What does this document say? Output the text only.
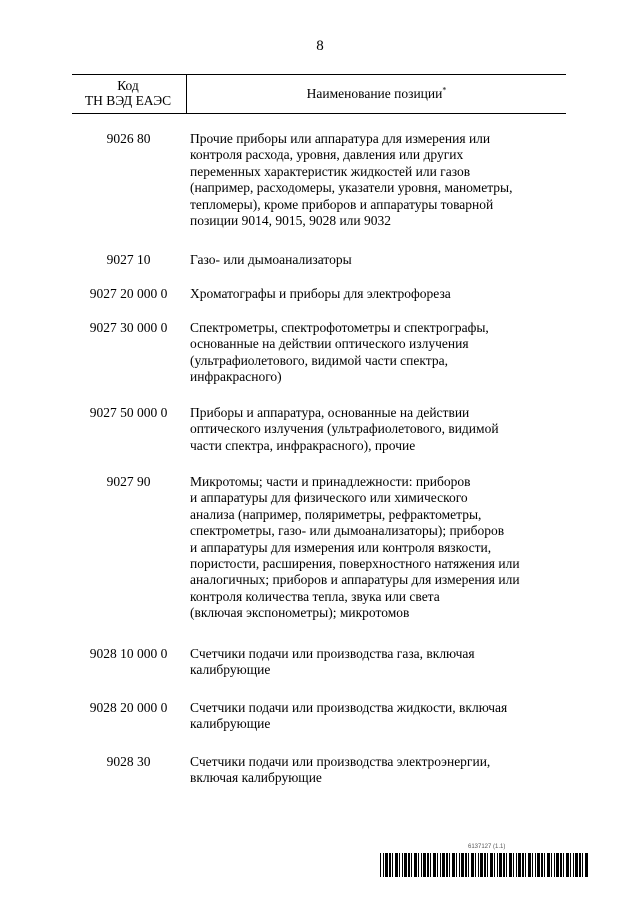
8
Код
ТН ВЭД ЕАЭС	Наименование позиции*
9026 80	Прочие приборы или аппаратура для измерения или
контроля расхода, уровня, давления или других
переменных характеристик жидкостей или газов
(например, расходомеры, указатели уровня, манометры,
тепломеры), кроме приборов и аппаратуры товарной
позиции 9014, 9015, 9028 или 9032
9027 10	Газо- или дымоанализаторы
9027 20 000 0	Хроматографы и приборы для электрофореза
9027 30 000 0	Спектрометры, спектрофотометры и спектрографы,
основанные на действии оптического излучения
(ультрафиолетового, видимой части спектра,
инфракрасного)
9027 50 000 0	Приборы и аппаратура, основанные на действии
оптического излучения (ультрафиолетового, видимой
части спектра, инфракрасного), прочие
9027 90	Микротомы; части и принадлежности: приборов
и аппаратуры для физического или химического
анализа (например, поляриметры, рефрактометры,
спектрометры, газо- или дымоанализаторы); приборов
и аппаратуры для измерения или контроля вязкости,
пористости, расширения, поверхностного натяжения или
аналогичных; приборов и аппаратуры для измерения или
контроля количества тепла, звука или света
(включая экспонометры); микротомов
9028 10 000 0	Счетчики подачи или производства газа, включая
калибрующие
9028 20 000 0	Счетчики подачи или производства жидкости, включая
калибрующие
9028 30	Счетчики подачи или производства электроэнергии,
включая калибрующие
6137127 (1.1)
